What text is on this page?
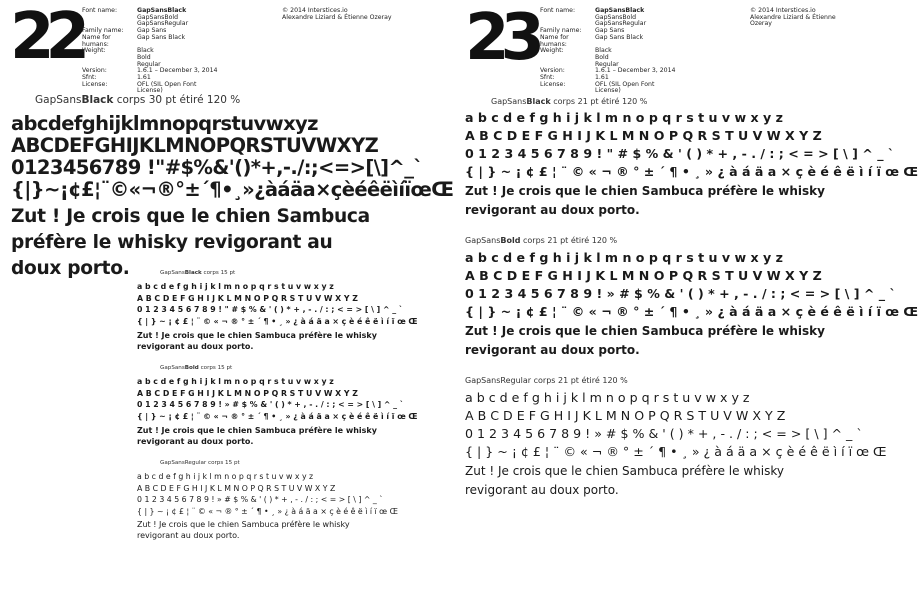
22 Font name:	GapSansBlack
GapSansBold
GapSansRegular
Family name:	Gap Sans
Name for humans:
Gap Sans Black
Weight:	Black
Bold
Regular
Version:	1.6.1 – December 3, 2014
Sfnt:	1.61
License:	OFL (SIL Open Font License)
© 2014 Interstices.io
Alexandre Liziard & Étienne Ozeray
GapSansBlack corps 30 pt étiré 120 %
abcdefghijklmnopqrstuvwxyz
ABCDEFGHIJKLMNOPQRSTUVWXYZ
0123456789 !"#$%&'()*+,-./:;<=>[\]^_`
{|}~¡¢£¦¨©«¬®°±´¶•¸»¿àáäa×çèéêëìíïœŒ
Zut ! Je crois que le chien Sambuca préfère le whisky revigorant au doux porto.	GapSansBlack corps 15 pt
a b c d e f g h i j k l m n o p q r s t u v w x y z
A B C D E F G H I J K L M N O P Q R S T U V W X Y Z
0 1 2 3 4 5 6 7 8 9 ! " # $ % & ' ( ) * + , - . / : ; < = > [ \ ] ^ _ `
{ | } ~ ¡ ¢ £ ¦ ¨ © « ¬ ® ° ± ´ ¶ • ¸ » ¿ à á ä a × ç è é ê ë ì í ï œ Œ
Zut ! Je crois que le chien Sambuca préfère le whisky revigorant au doux porto.
GapSansBold corps 15 pt
a b c d e f g h i j k l m n o p q r s t u v w x y z
A B C D E F G H I J K L M N O P Q R S T U V W X Y Z
0 1 2 3 4 5 6 7 8 9 ! » # $ % & ' ( ) * + , - . / : ; < = > [ \ ] ^ _ `
{ | } ~ ¡ ¢ £ ¦ ¨ © « ¬ ® ° ± ´ ¶ • ¸ » ¿ à á ä a × ç è é ê ë ì í ï œ Œ
Zut ! Je crois que le chien Sambuca préfère le whisky revigorant au doux porto.
GapSansRegular corps 15 pt
a b c d e f g h i j k l m n o p q r s t u v w x y z
A B C D E F G H I J K L M N O P Q R S T U V W X Y Z
0 1 2 3 4 5 6 7 8 9 ! » # $ % & ' ( ) * + , - . / : ; < = > [ \ ] ^ _ `
{ | } ~ ¡ ¢ £ ¦ ¨ © « ¬ ® ° ± ´ ¶ • ¸ » ¿ à á ä a × ç è é ê ë ì í ï œ Œ
Zut ! Je crois que le chien Sambuca préfère le whisky revigorant au doux porto.
23 Font name:	GapSansBlack
GapSansBold
GapSansRegular
Family name:	Gap Sans
Name for humans:
Gap Sans Black
Weight:	Black
Bold
Regular
Version:	1.6.1 – December 3, 2014
Sfnt:	1.61
License:	OFL (SIL Open Font License)
© 2014 Interstices.io
Alexandre Liziard & Étienne Ozeray
GapSansBlack corps 21 pt étiré 120 %
a b c d e f g h i j k l m n o p q r s t u v w x y z
A B C D E F G H I J K L M N O P Q R S T U V W X Y Z
0 1 2 3 4 5 6 7 8 9 ! " # $ % & ' ( ) * + , - . / : ; < = > [ \ ] ^ _ `
{ | } ~ ¡ ¢ £ ¦ ¨ © « ¬ ® ° ± ´ ¶ • ¸ » ¿ à á ä a × ç è é ê ë ì í ï œ Œ
Zut ! Je crois que le chien Sambuca préfère le whisky revigorant au doux porto.
GapSansBold corps 21 pt étiré 120 %
a b c d e f g h i j k l m n o p q r s t u v w x y z
A B C D E F G H I J K L M N O P Q R S T U V W X Y Z
0 1 2 3 4 5 6 7 8 9 ! » # $ % & ' ( ) * + , - . / : ; < = > [ \ ] ^ _ `
{ | } ~ ¡ ¢ £ ¦ ¨ © « ¬ ® ° ± ´ ¶ • ¸ » ¿ à á ä a × ç è é ê ë ì í ï œ Œ
Zut ! Je crois que le chien Sambuca préfère le whisky revigorant au doux porto.
GapSansRegular corps 21 pt étiré 120 %
a b c d e f g h i j k l m n o p q r s t u v w x y z
A B C D E F G H I J K L M N O P Q R S T U V W X Y Z
0 1 2 3 4 5 6 7 8 9 ! » # $ % & ' ( ) * + , - . / : ; < = > [ \ ] ^ _ `
{ | } ~ ¡ ¢ £ ¦ ¨ © « ¬ ® ° ± ´ ¶ • ¸ » ¿ à á ä a × ç è é ê ë ì í ï œ Œ
Zut ! Je crois que le chien Sambuca préfère le whisky revigorant au doux porto.
